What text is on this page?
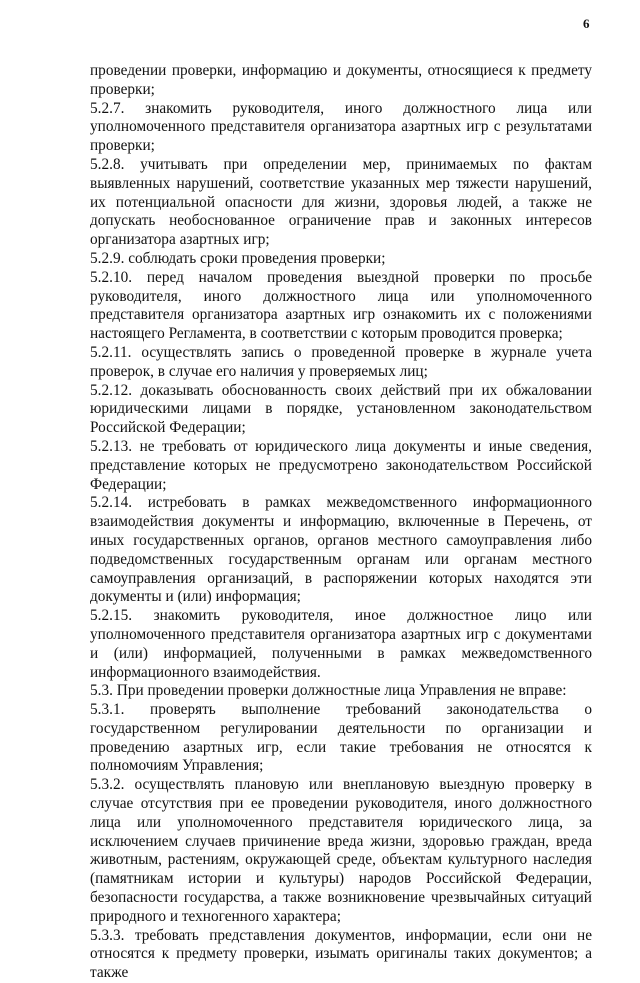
6

проведении проверки, информацию и документы, относящиеся к предмету проверки;

5.2.7. знакомить руководителя, иного должностного лица или уполномоченного представителя организатора азартных игр с результатами проверки;

5.2.8. учитывать при определении мер, принимаемых по фактам выявленных нарушений, соответствие указанных мер тяжести нарушений, их потенциальной опасности для жизни, здоровья людей, а также не допускать необоснованное ограничение прав и законных интересов организатора азартных игр;

5.2.9. соблюдать сроки проведения проверки;

5.2.10. перед началом проведения выездной проверки по просьбе руководителя, иного должностного лица или уполномоченного представителя организатора азартных игр ознакомить их с положениями настоящего Регламента, в соответствии с которым проводится проверка;

5.2.11. осуществлять запись о проведенной проверке в журнале учета проверок, в случае его наличия у проверяемых лиц;

5.2.12. доказывать обоснованность своих действий при их обжаловании юридическими лицами в порядке, установленном законодательством Российской Федерации;

5.2.13. не требовать от юридического лица документы и иные сведения, представление которых не предусмотрено законодательством Российской Федерации;

5.2.14. истребовать в рамках межведомственного информационного взаимодействия документы и информацию, включенные в Перечень, от иных государственных органов, органов местного самоуправления либо подведомственных государственным органам или органам местного самоуправления организаций, в распоряжении которых находятся эти документы и (или) информация;

5.2.15. знакомить руководителя, иное должностное лицо или уполномоченного представителя организатора азартных игр с документами и (или) информацией, полученными в рамках межведомственного информационного взаимодействия.

5.3. При проведении проверки должностные лица Управления не вправе:

5.3.1. проверять выполнение требований законодательства о государственном регулировании деятельности по организации и проведению азартных игр, если такие требования не относятся к полномочиям Управления;

5.3.2. осуществлять плановую или внеплановую выездную проверку в случае отсутствия при ее проведении руководителя, иного должностного лица или уполномоченного представителя юридического лица, за исключением случаев причинение вреда жизни, здоровью граждан, вреда животным, растениям, окружающей среде, объектам культурного наследия (памятникам истории и культуры) народов Российской Федерации, безопасности государства, а также возникновение чрезвычайных ситуаций природного и техногенного характера;

5.3.3. требовать представления документов, информации, если они не относятся к предмету проверки, изымать оригиналы таких документов; а также
